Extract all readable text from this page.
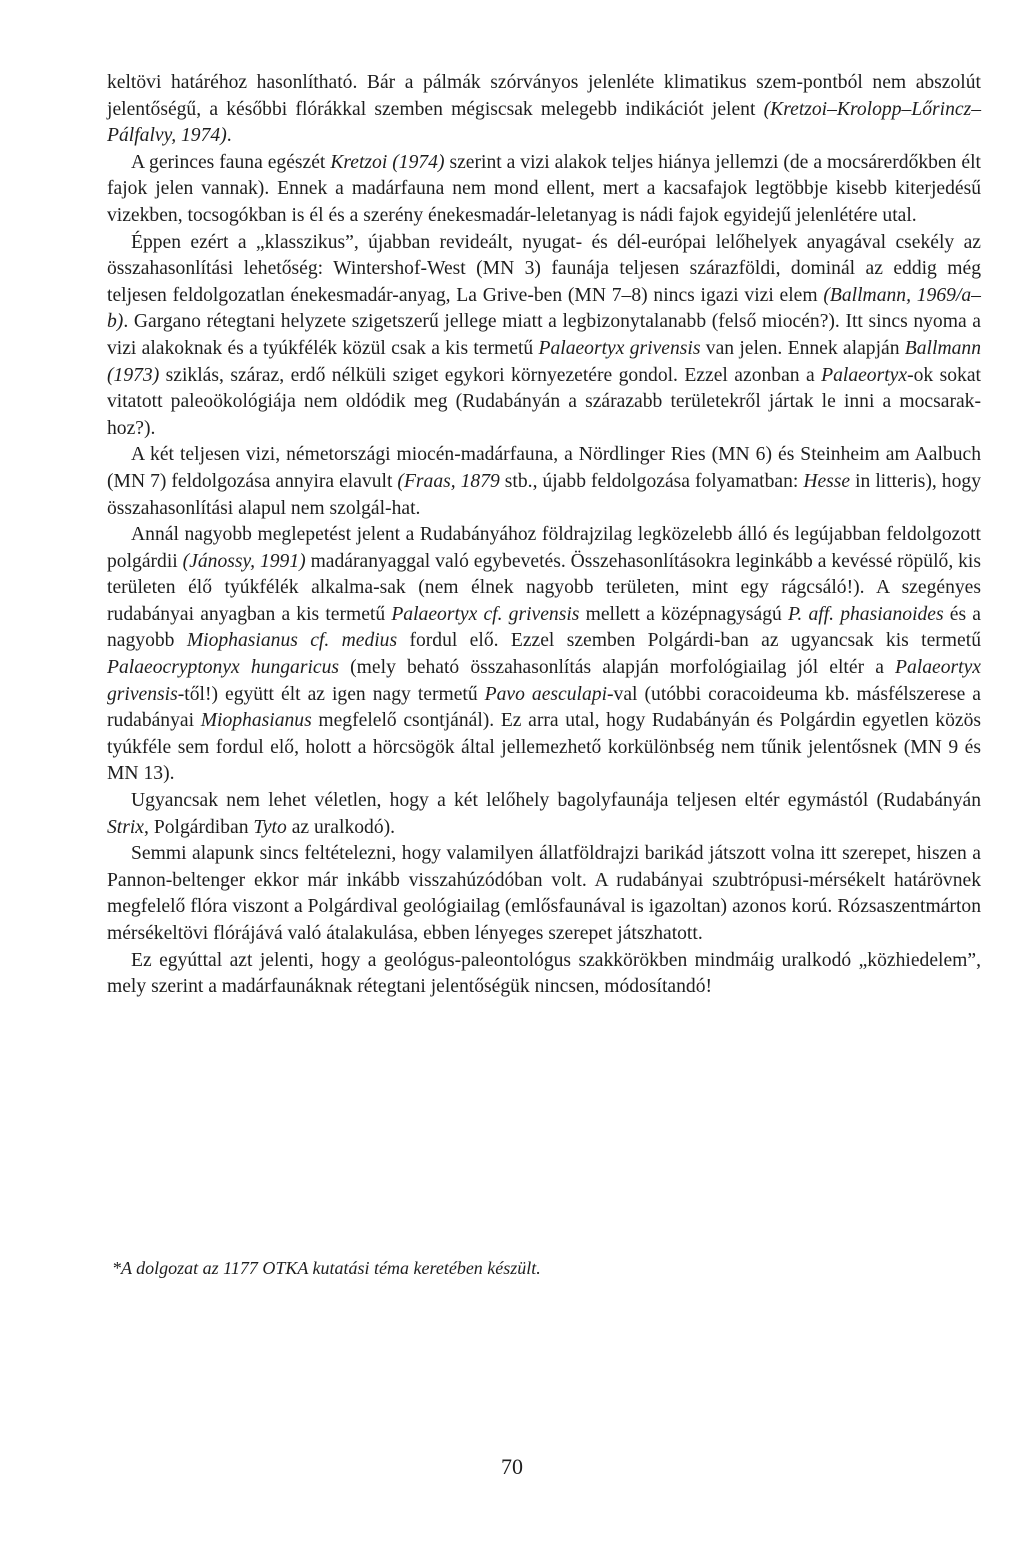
keltövi határéhoz hasonlítható. Bár a pálmák szórványos jelenléte klimatikus szem-pontból nem abszolút jelentőségű, a későbbi flórákkal szemben mégiscsak melegebb indikációt jelent (Kretzoi–Krolopp–Lőrincz–Pálfalvy, 1974).

A gerinces fauna egészét Kretzoi (1974) szerint a vizi alakok teljes hiánya jellemzi (de a mocsárerdőkben élt fajok jelen vannak). Ennek a madárfauna nem mond ellent, mert a kacsafajok legtöbbje kisebb kiterjedésű vizekben, tocsogókban is él és a szerény énekesmadár-leletanyag is nádi fajok egyidejű jelenlétére utal.

Éppen ezért a „klasszikus”, újabban revideált, nyugat- és dél-európai lelőhelyek anyagával csekély az összahasonlítási lehetőség: Wintershof-West (MN 3) faunája teljesen szárazföldi, dominál az eddig még teljesen feldolgozatlan énekesmadár-anyag, La Grive-ben (MN 7–8) nincs igazi vizi elem (Ballmann, 1969/a–b). Gargano rétegtani helyzete szigetszerű jellege miatt a legbizonytalanabb (felső miocén?). Itt sincs nyoma a vizi alakoknak és a tyúkfélék közül csak a kis termetű Palaeortyx grivensis van jelen. Ennek alapján Ballmann (1973) sziklás, száraz, erdő nélküli sziget egykori környezetére gondol. Ezzel azonban a Palaeortyx-ok sokat vitatott paleoökológiája nem oldódik meg (Rudabányán a szárazabb területekről jártak le inni a mocsarak-hoz?).

A két teljesen vizi, németországi miocén-madárfauna, a Nördlinger Ries (MN 6) és Steinheim am Aalbuch (MN 7) feldolgozása annyira elavult (Fraas, 1879 stb., újabb feldolgozása folyamatban: Hesse in litteris), hogy összahasonlítási alapul nem szolgál-hat.

Annál nagyobb meglepetést jelent a Rudabányához földrajzilag legközelebb álló és legújabban feldolgozott polgárdii (Jánossy, 1991) madáranyaggal való egybevetés. Összehasonlításokra leginkább a kevéssé röpülő, kis területen élő tyúkfélék alkalma-sak (nem élnek nagyobb területen, mint egy rágcsáló!). A szegényes rudabányai anyagban a kis termetű Palaeortyx cf. grivensis mellett a középnagyságú P. aff. phasianoides és a nagyobb Miophasianus cf. medius fordul elő. Ezzel szemben Polgárdi-ban az ugyancsak kis termetű Palaeocryptonyx hungaricus (mely beható összahasonlítás alapján morfológiailag jól eltér a Palaeortyx grivensis-től!) együtt élt az igen nagy termetű Pavo aesculapi-val (utóbbi coracoideuma kb. másfélszerese a rudabányai Miophasianus megfelelő csontjánál). Ez arra utal, hogy Rudabányán és Polgárdin egyetlen közös tyúkféle sem fordul elő, holott a hörcsögök által jellemezhető korkülönbség nem tűnik jelentősnek (MN 9 és MN 13).

Ugyancsak nem lehet véletlen, hogy a két lelőhely bagolyfaunája teljesen eltér egymástól (Rudabányán Strix, Polgárdiban Tyto az uralkodó).

Semmi alapunk sincs feltételezni, hogy valamilyen állatföldrajzi barikád játszott volna itt szerepet, hiszen a Pannon-beltenger ekkor már inkább visszahúzódóban volt. A rudabányai szubtrópusi-mérsékelt határövnek megfelelő flóra viszont a Polgárdival geológiailag (emlősfaunával is igazoltan) azonos korú. Rózsaszentmárton mérsékeltövi flórájává való átalakulása, ebben lényeges szerepet játszhatott.

Ez egyúttal azt jelenti, hogy a geológus-paleontológus szakkörökben mindmáig uralkodó „közhiedelem”, mely szerint a madárfaunáknak rétegtani jelentőségük nincsen, módosítandó!

*A dolgozat az 1177 OTKA kutatási téma keretében készült.

70
